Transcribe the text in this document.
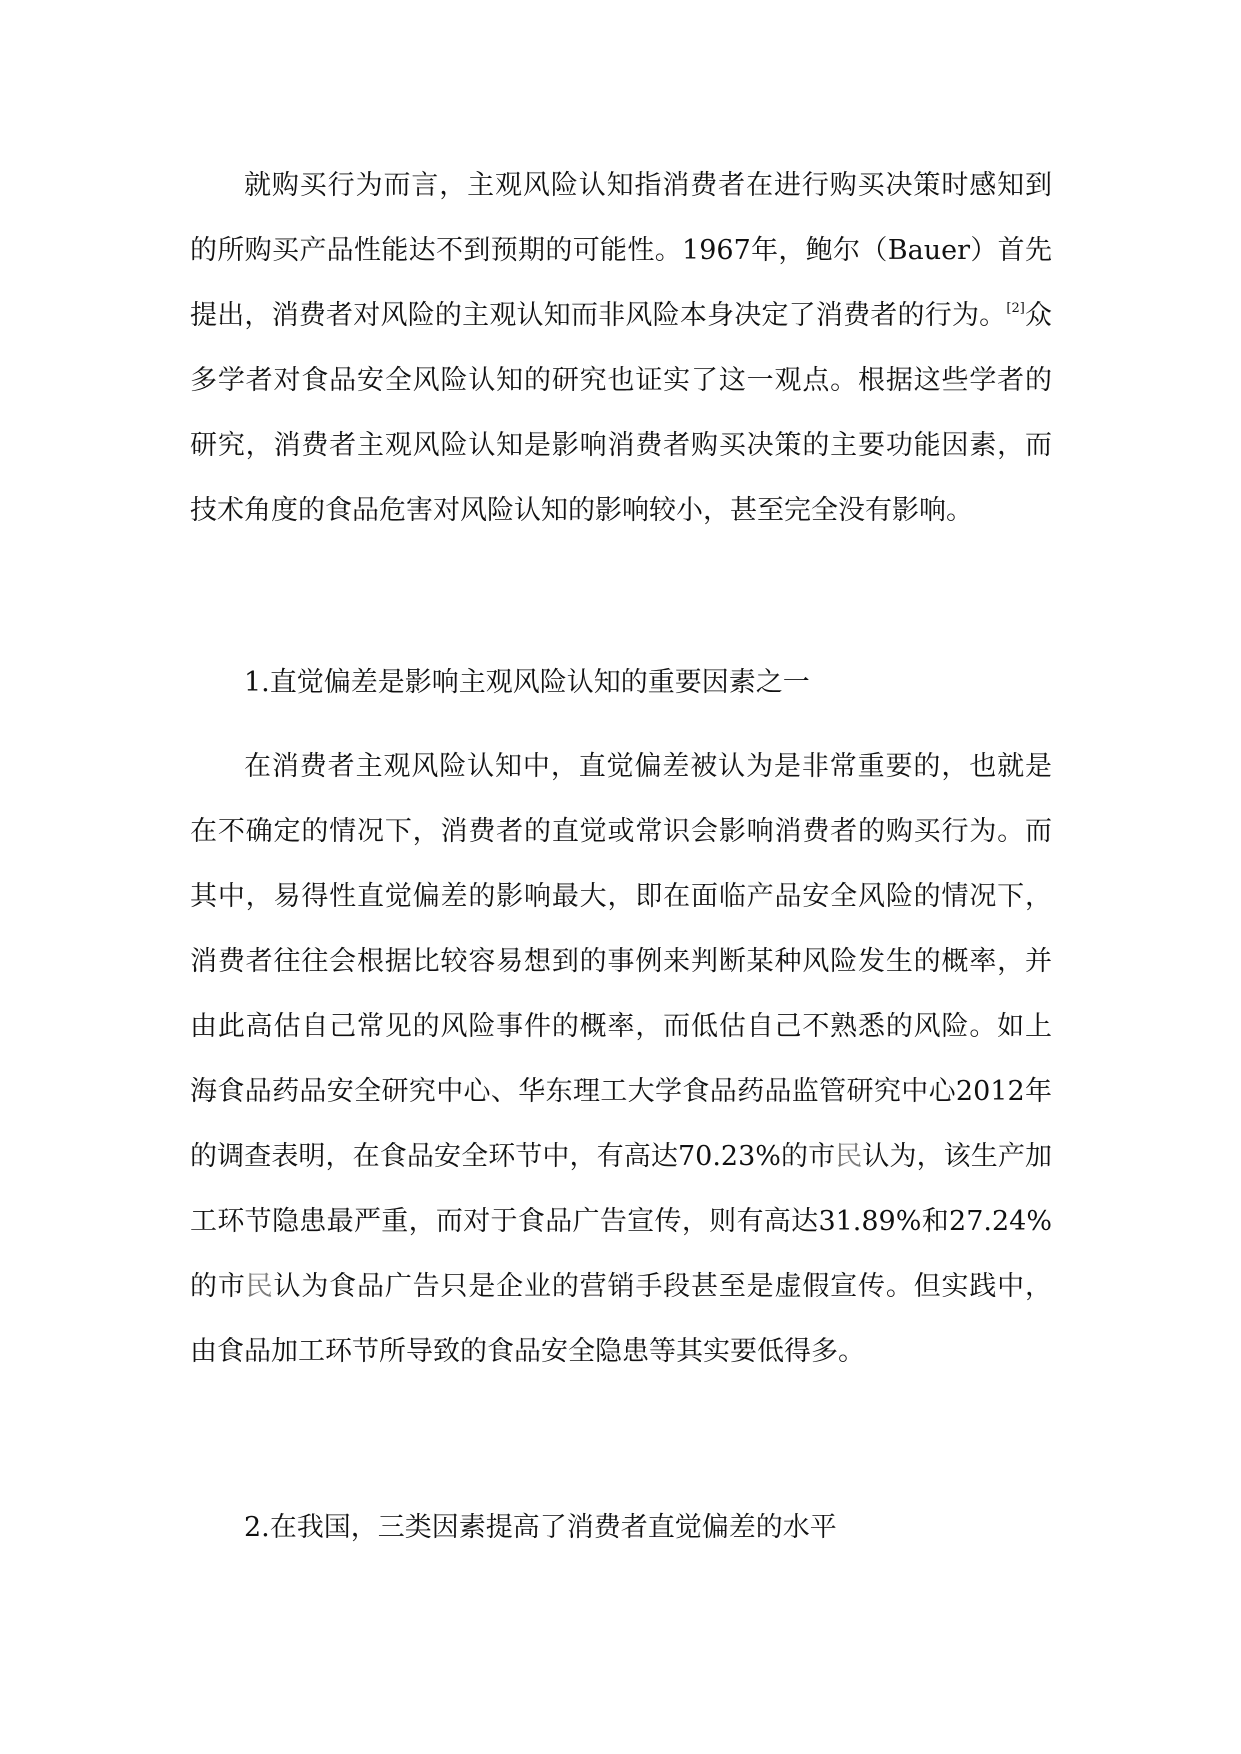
就购买行为而言，主观风险认知指消费者在进行购买决策时感知到的所购买产品性能达不到预期的可能性。1967年，鲍尔（Bauer）首先提出，消费者对风险的主观认知而非风险本身决定了消费者的行为。[2]众多学者对食品安全风险认知的研究也证实了这一观点。根据这些学者的研究，消费者主观风险认知是影响消费者购买决策的主要功能因素，而技术角度的食品危害对风险认知的影响较小，甚至完全没有影响。

1.直觉偏差是影响主观风险认知的重要因素之一

在消费者主观风险认知中，直觉偏差被认为是非常重要的，也就是在不确定的情况下，消费者的直觉或常识会影响消费者的购买行为。而其中，易得性直觉偏差的影响最大，即在面临产品安全风险的情况下，消费者往往会根据比较容易想到的事例来判断某种风险发生的概率，并由此高估自己常见的风险事件的概率，而低估自己不熟悉的风险。如上海食品药品安全研究中心、华东理工大学食品药品监管研究中心2012年的调查表明，在食品安全环节中，有高达70.23%的市民认为，该生产加工环节隐患最严重，而对于食品广告宣传，则有高达31.89%和27.24%的市民认为食品广告只是企业的营销手段甚至是虚假宣传。但实践中，由食品加工环节所导致的食品安全隐患等其实要低得多。

2.在我国，三类因素提高了消费者直觉偏差的水平
